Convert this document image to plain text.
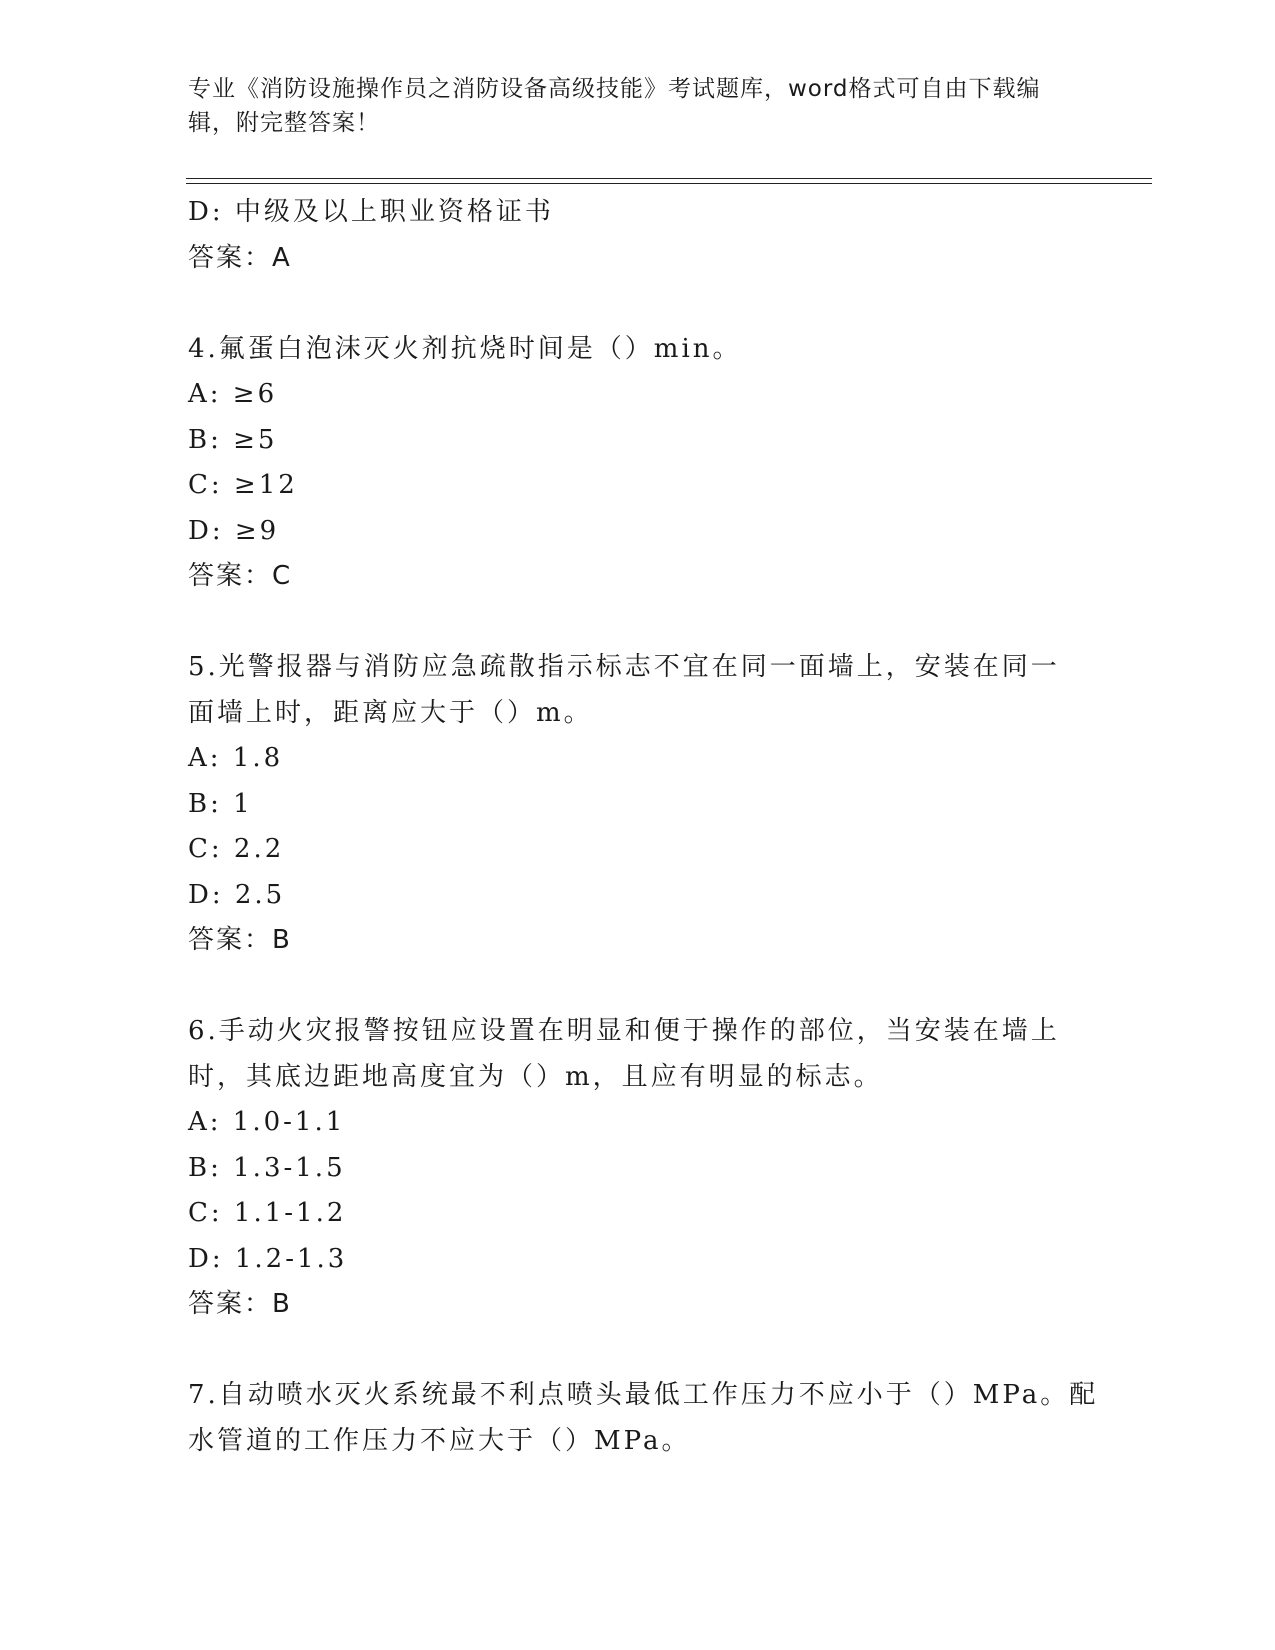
专业《消防设施操作员之消防设备高级技能》考试题库，word格式可自由下载编
辑，附完整答案！
D: 中级及以上职业资格证书
答案：A
4.氟蛋白泡沫灭火剂抗烧时间是（）min。
A: ≥6
B: ≥5
C: ≥12
D: ≥9
答案：C
5.光警报器与消防应急疏散指示标志不宜在同一面墙上，安装在同一
面墙上时，距离应大于（）m。
A: 1.8
B: 1
C: 2.2
D: 2.5
答案：B
6.手动火灾报警按钮应设置在明显和便于操作的部位，当安装在墙上
时，其底边距地高度宜为（）m，且应有明显的标志。
A: 1.0-1.1
B: 1.3-1.5
C: 1.1-1.2
D: 1.2-1.3
答案：B
7.自动喷水灭火系统最不利点喷头最低工作压力不应小于（）MPa。配
水管道的工作压力不应大于（）MPa。
